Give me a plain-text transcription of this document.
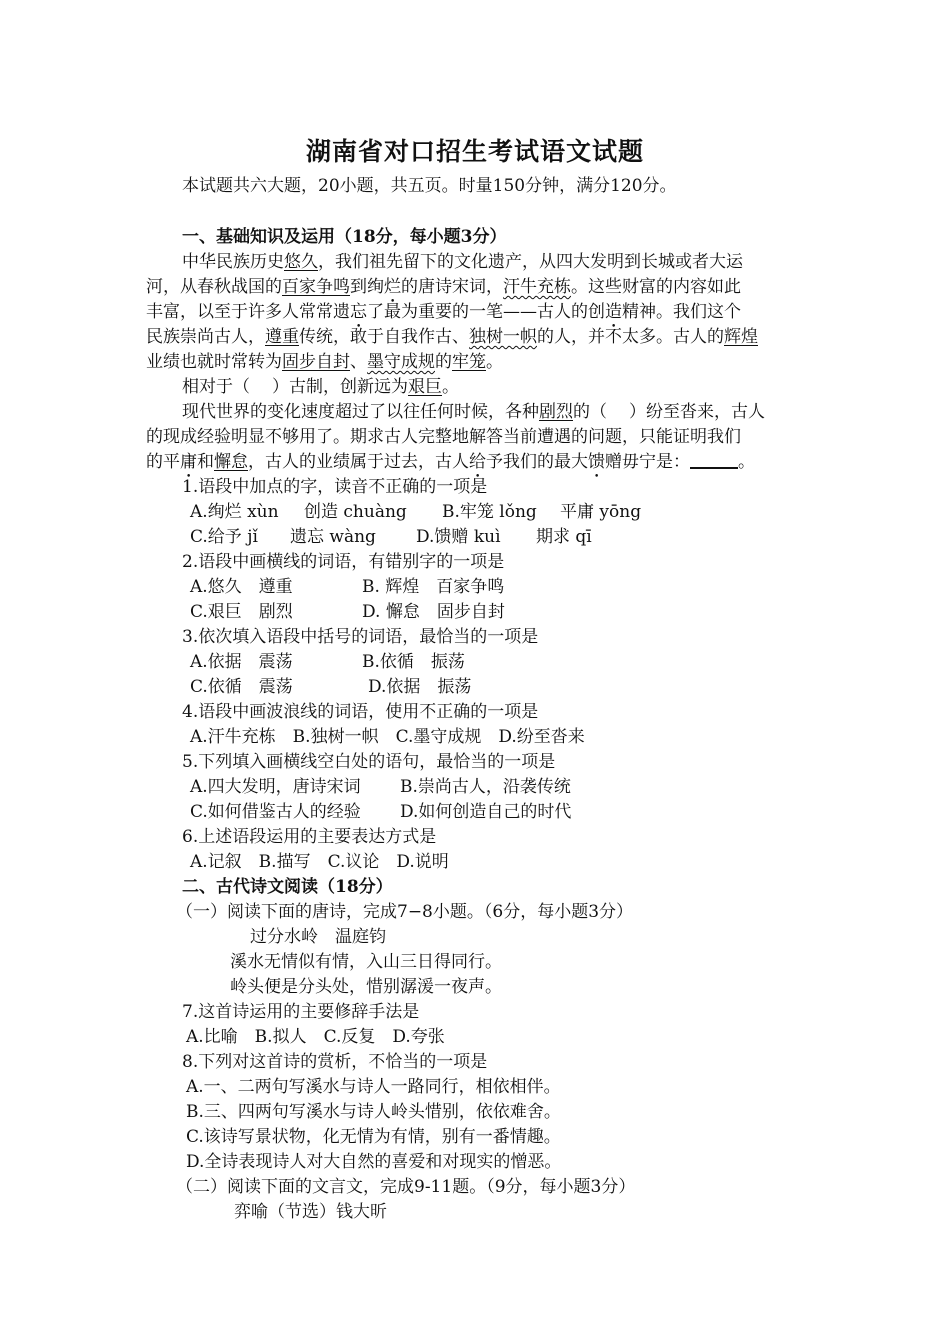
湖南省对口招生考试语文试题
本试题共六大题，20小题，共五页。时量150分钟，满分120分。
一、基础知识及运用（18分，每小题3分）
中华民族历史悠久，我们祖先留下的文化遗产，从四大发明到长城或者大运
河，从春秋战国的百家争鸣到绚烂的唐诗宋词，汗牛充栋。这些财富的内容如此
丰富，以至于许多人常常遗忘了最为重要的一笔——古人的创造精神。我们这个
民族崇尚古人，遵重传统，敢于自我作古、独树一帜的人，并不太多。古人的辉煌
业绩也就时常转为固步自封、墨守成规的牢笼。
相对于（ ）古制，创新远为艰巨。
现代世界的变化速度超过了以往任何时候，各种剧烈的（ ）纷至沓来，古人
的现成经验明显不够用了。期求古人完整地解答当前遭遇的问题，只能证明我们
的平庸和懈怠，古人的业绩属于过去，古人给予我们的最大馈赠毋宁是：	。
1.语段中加点的字，读音不正确的一项是
A.绚烂 xùn 创造 chuàng B.牢笼 lǒng 平庸 yōng
C.给予 jǐ 遗忘 wàng D.馈赠 kuì 期求 qī
2.语段中画横线的词语，有错别字的一项是
A.悠久　遵重	B. 辉煌　百家争鸣
C.艰巨　剧烈	D. 懈怠　固步自封
3.依次填入语段中括号的词语，最恰当的一项是
A.依据　震荡	B.依循　振荡
C.依循　震荡	D.依据　振荡
4.语段中画波浪线的词语，使用不正确的一项是
A.汗牛充栋　B.独树一帜　C.墨守成规　D.纷至沓来
5.下列填入画横线空白处的语句，最恰当的一项是
A.四大发明，唐诗宋词 B.崇尚古人，沿袭传统
C.如何借鉴古人的经验 D.如何创造自己的时代
6.上述语段运用的主要表达方式是
A.记叙　B.描写　C.议论　D.说明
二、古代诗文阅读（18分）
（一）阅读下面的唐诗，完成7−8小题。（6分，每小题3分）
过分水岭　温庭钧
溪水无情似有情，入山三日得同行。
岭头便是分头处，惜别潺湲一夜声。
7.这首诗运用的主要修辞手法是
A.比喻　B.拟人　C.反复　D.夸张
8.下列对这首诗的赏析，不恰当的一项是
A.一、二两句写溪水与诗人一路同行，相依相伴。
B.三、四两句写溪水与诗人岭头惜别，依依难舍。
C.该诗写景状物，化无情为有情，别有一番情趣。
D.全诗表现诗人对大自然的喜爱和对现实的憎恶。
（二）阅读下面的文言文，完成9-11题。（9分，每小题3分）
弈喻（节选）钱大昕
